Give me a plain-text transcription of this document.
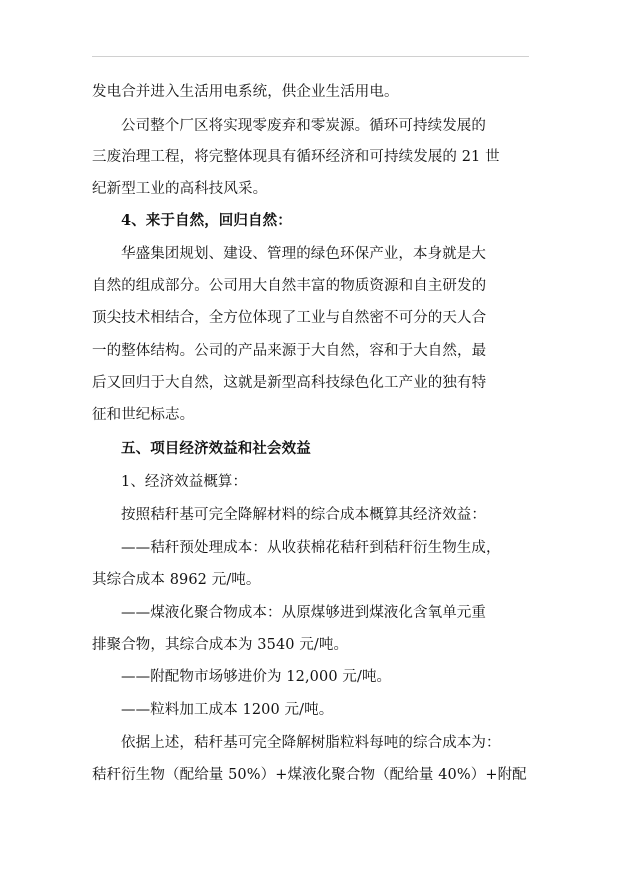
发电合并进入生活用电系统，供企业生活用电。
公司整个厂区将实现零废弃和零炭源。循环可持续发展的
三废治理工程，将完整体现具有循环经济和可持续发展的 21 世
纪新型工业的高科技风采。
4、来于自然，回归自然：
华盛集团规划、建设、管理的绿色环保产业，本身就是大
自然的组成部分。公司用大自然丰富的物质资源和自主研发的
顶尖技术相结合，全方位体现了工业与自然密不可分的天人合
一的整体结构。公司的产品来源于大自然，容和于大自然，最
后又回归于大自然，这就是新型高科技绿色化工产业的独有特
征和世纪标志。
五、项目经济效益和社会效益
1、经济效益概算：
按照秸秆基可完全降解材料的综合成本概算其经济效益：
——秸秆预处理成本：从收获棉花秸秆到秸秆衍生物生成，
其综合成本 8962 元/吨。
——煤液化聚合物成本：从原煤够进到煤液化含氧单元重
排聚合物，其综合成本为 3540 元/吨。
——附配物市场够进价为 12,000 元/吨。
——粒料加工成本 1200 元/吨。
依据上述，秸秆基可完全降解树脂粒料每吨的综合成本为：
秸秆衍生物（配给量 50%）+煤液化聚合物（配给量 40%）+附配
